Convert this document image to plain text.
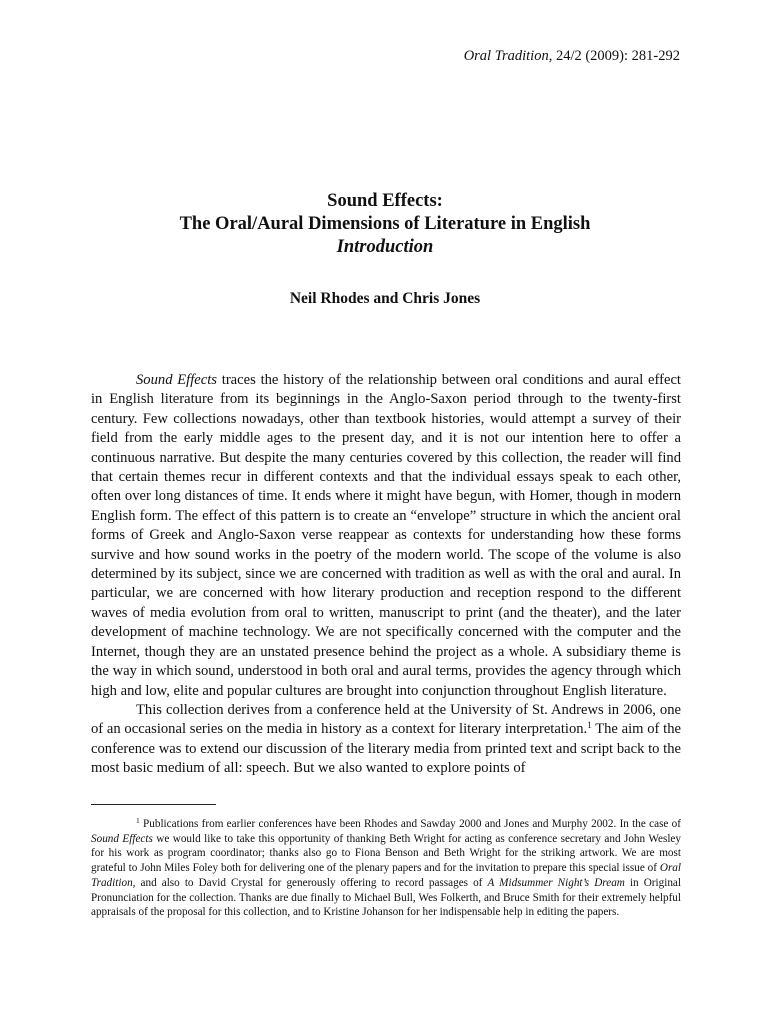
Oral Tradition, 24/2 (2009): 281-292
Sound Effects:
The Oral/Aural Dimensions of Literature in English
Introduction
Neil Rhodes and Chris Jones

Sound Effects traces the history of the relationship between oral conditions and aural effect in English literature from its beginnings in the Anglo-Saxon period through to the twenty-first century. Few collections nowadays, other than textbook histories, would attempt a survey of their field from the early middle ages to the present day, and it is not our intention here to offer a continuous narrative. But despite the many centuries covered by this collection, the reader will find that certain themes recur in different contexts and that the individual essays speak to each other, often over long distances of time. It ends where it might have begun, with Homer, though in modern English form. The effect of this pattern is to create an “envelope” structure in which the ancient oral forms of Greek and Anglo-Saxon verse reappear as contexts for understanding how these forms survive and how sound works in the poetry of the modern world. The scope of the volume is also determined by its subject, since we are concerned with tradition as well as with the oral and aural. In particular, we are concerned with how literary production and reception respond to the different waves of media evolution from oral to written, manuscript to print (and the theater), and the later development of machine technology. We are not specifically concerned with the computer and the Internet, though they are an unstated presence behind the project as a whole. A subsidiary theme is the way in which sound, understood in both oral and aural terms, provides the agency through which high and low, elite and popular cultures are brought into conjunction throughout English literature.

This collection derives from a conference held at the University of St. Andrews in 2006, one of an occasional series on the media in history as a context for literary interpretation.$^1$ The aim of the conference was to extend our discussion of the literary media from printed text and script back to the most basic medium of all: speech. But we also wanted to explore points of

$^1$ Publications from earlier conferences have been Rhodes and Sawday 2000 and Jones and Murphy 2002. In the case of Sound Effects we would like to take this opportunity of thanking Beth Wright for acting as conference secretary and John Wesley for his work as program coordinator; thanks also go to Fiona Benson and Beth Wright for the striking artwork. We are most grateful to John Miles Foley both for delivering one of the plenary papers and for the invitation to prepare this special issue of Oral Tradition, and also to David Crystal for generously offering to record passages of A Midsummer Night’s Dream in Original Pronunciation for the collection. Thanks are due finally to Michael Bull, Wes Folkerth, and Bruce Smith for their extremely helpful appraisals of the proposal for this collection, and to Kristine Johanson for her indispensable help in editing the papers.
